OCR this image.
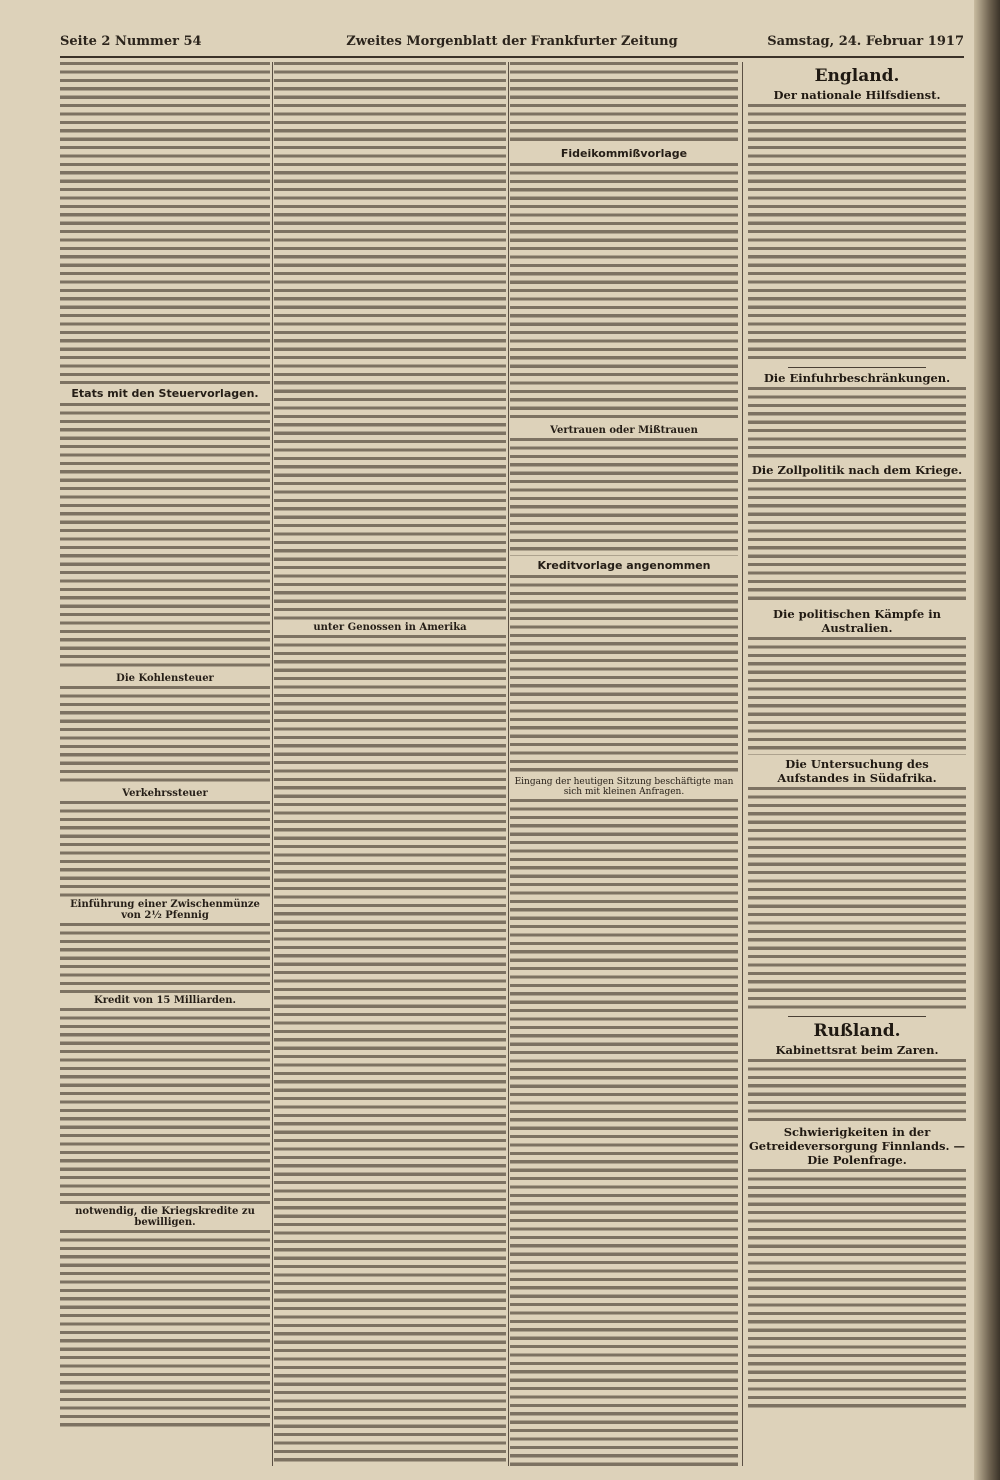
Seite 2 Nummer 54	Zweites Morgenblatt der Frankfurter Zeitung	Samstag, 24. Februar 1917
Etats mit den Steuervorlagen.
Die Kohlensteuer
Verkehrssteuer
Einführung einer Zwischenmünze von 2½ Pfennig
Kredit von 15 Milliarden.
notwendig, die Kriegskredite zu bewilligen.
unter Genossen in Amerika
Fideikommißvorlage
Vertrauen oder Mißtrauen
Kreditvorlage angenommen
Eingang der heutigen Sitzung beschäftigte man sich mit kleinen Anfragen.
England.
Der nationale Hilfsdienst.
Die Einfuhrbeschränkungen.
Die Zollpolitik nach dem Kriege.
Die politischen Kämpfe in Australien.
Die Untersuchung des Aufstandes in Südafrika.
Rußland.
Kabinettsrat beim Zaren.
Schwierigkeiten in der Getreideversorgung Finnlands. — Die Polenfrage.
